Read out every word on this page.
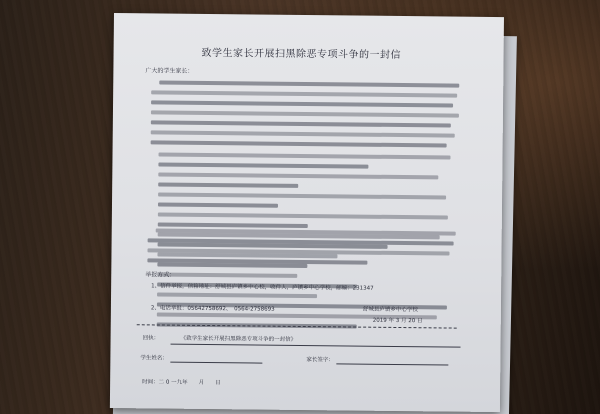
致学生家长开展扫黑除恶专项斗争的一封信
广大的学生家长：
举报方式：
1、信件举报，信箱地址：舒城县庐镇乡中心校，收件人，庐镇乡中心学校，邮编：231347
2、电话举报：05642758692、　0564-2758693	舒城县庐镇乡中心学校
2019 年 3 月 20 日
回执：	《致学生家长开展扫黑除恶专项斗争的一封信》
学生姓名：	家长签字：
时间：二 0 一九年　　月　　日
